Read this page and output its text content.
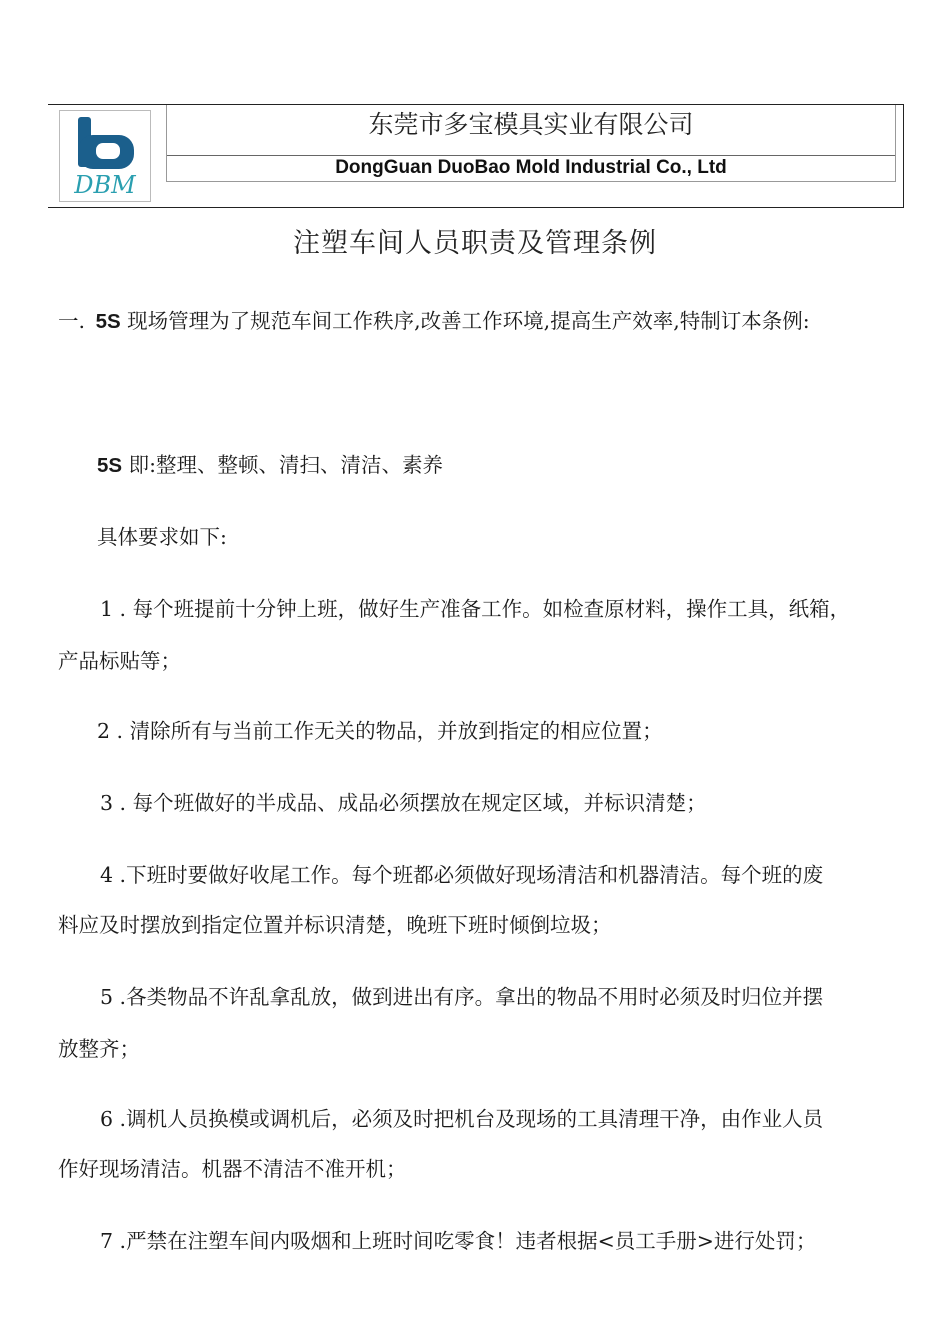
DBM
东莞市多宝模具实业有限公司
DongGuan DuoBao Mold Industrial Co., Ltd
注塑车间人员职责及管理条例
一. 5S 现场管理为了规范车间工作秩序,改善工作环境,提高生产效率,特制订本条例:
5S 即:整理、整顿、清扫、清洁、素养
具体要求如下:
1 . 每个班提前十分钟上班，做好生产准备工作。如检查原材料，操作工具，纸箱，
产品标贴等；
2 . 清除所有与当前工作无关的物品，并放到指定的相应位置；
3 . 每个班做好的半成品、成品必须摆放在规定区域，并标识清楚；
4 .下班时要做好收尾工作。每个班都必须做好现场清洁和机器清洁。每个班的废
料应及时摆放到指定位置并标识清楚，晚班下班时倾倒垃圾；
5 .各类物品不许乱拿乱放，做到进出有序。拿出的物品不用时必须及时归位并摆
放整齐；
6 .调机人员换模或调机后，必须及时把机台及现场的工具清理干净，由作业人员
作好现场清洁。机器不清洁不准开机；
7 .严禁在注塑车间内吸烟和上班时间吃零食！违者根据<员工手册>进行处罚；
